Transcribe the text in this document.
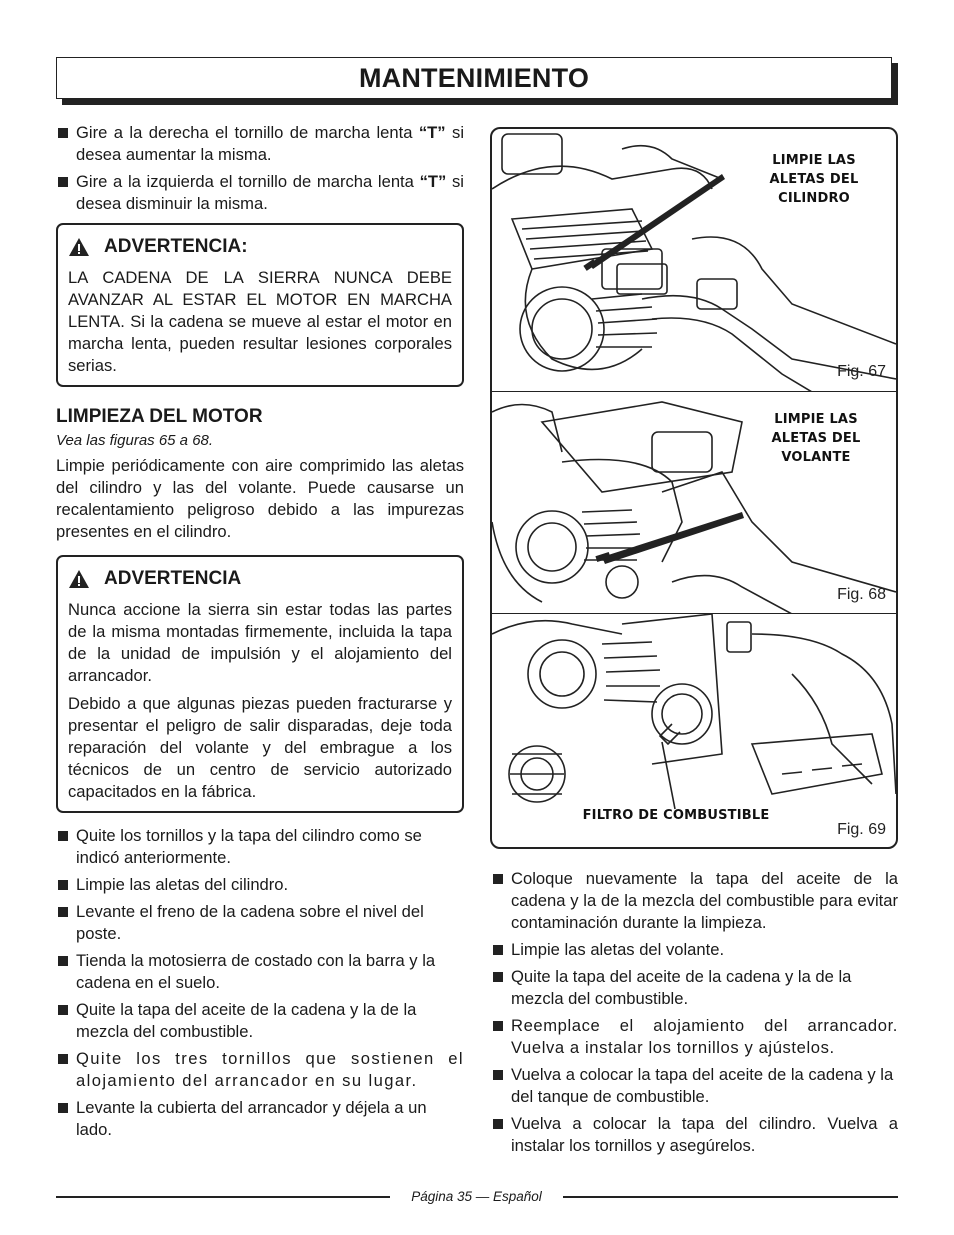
MANTENIMIENTO
Gire a la derecha el tornillo de marcha lenta “T” si desea aumentar la misma.
Gire a la izquierda el tornillo de marcha lenta “T” si desea disminuir la misma.
ADVERTENCIA:
LA CADENA DE LA SIERRA NUNCA DEBE AVANZAR AL ESTAR EL MOTOR EN MARCHA LENTA. Si la cadena se mueve al estar el motor en marcha lenta, pueden resultar lesiones corporales serias.
LIMPIEZA DEL MOTOR
Vea las figuras 65 a 68.
Limpie periódicamente con aire comprimido las aletas del cilindro y las del volante. Puede causarse un recalentamiento peligroso debido a las impurezas presentes en el cilindro.
ADVERTENCIA

Nunca accione la sierra sin estar todas las partes de la misma montadas firmemente, incluida la tapa de la unidad de impulsión y el alojamiento del arrancador.

Debido a que algunas piezas pueden fracturarse y presentar el peligro de salir disparadas, deje toda reparación del volante y del embrague a los técnicos de un centro de servicio autorizado capacitados en la fábrica.

Quite los tornillos y la tapa del cilindro como se indicó anteriormente.
Limpie las aletas del cilindro.
Levante el freno de la cadena sobre el nivel del poste.
Tienda la motosierra de costado con la barra y la cadena en el suelo.
Quite la tapa del aceite de la cadena y la de la mezcla del combustible.
Quite los tres tornillos que sostienen el alojamiento del arrancador en su lugar.
Levante la cubierta del arrancador y déjela a un lado.
LIMPIE LAS
ALETAS DEL
CILINDRO
Fig. 67
LIMPIE LAS
ALETAS DEL
VOLANTE
Fig. 68
FILTRO DE COMBUSTIBLE
Fig. 69
Coloque nuevamente la tapa del aceite de la cadena y la de la mezcla del combustible para evitar contaminación durante la limpieza.
Limpie las aletas del volante.
Quite la tapa del aceite de la cadena y la de la mezcla del combustible.
Reemplace el alojamiento del arrancador. Vuelva a instalar los tornillos y ajústelos.
Vuelva a colocar la tapa del aceite de la cadena y la del tanque de combustible.
Vuelva a colocar la tapa del cilindro. Vuelva a instalar los tornillos y asegúrelos.
Página 35 — Español
